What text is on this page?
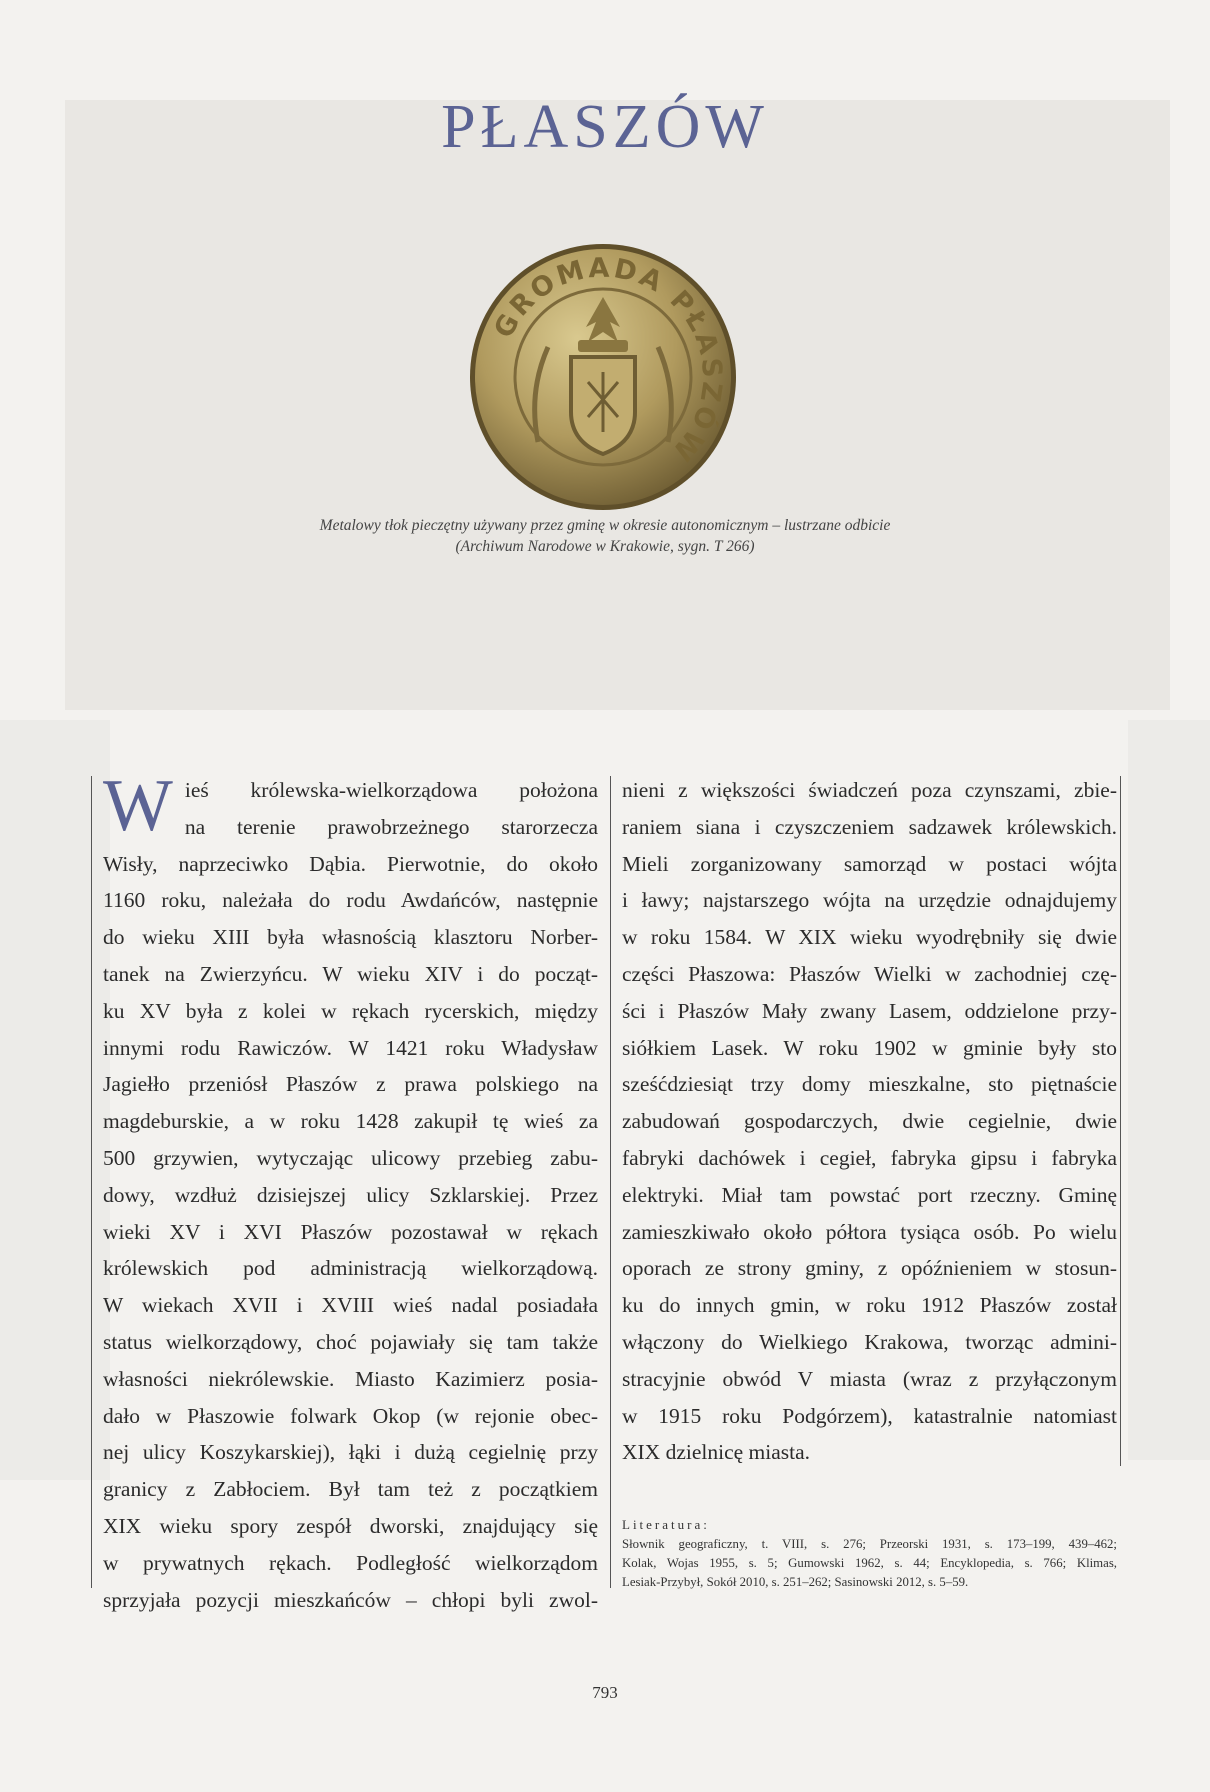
PŁASZÓW
GROMADA PŁASZÓW
Metalowy tłok pieczętny używany przez gminę w okresie autonomicznym – lustrzane odbicie
(Archiwum Narodowe w Krakowie, sygn. T 266)
W ieś królewska-wielkorządowa położona
na terenie prawobrzeżnego starorzecza
Wisły, naprzeciwko Dąbia. Pierwotnie, do około
1160 roku, należała do rodu Awdańców, następnie
do wieku XIII była własnością klasztoru Norber-
tanek na Zwierzyńcu. W wieku XIV i do począt-
ku XV była z kolei w rękach rycerskich, między
innymi rodu Rawiczów. W 1421 roku Władysław
Jagiełło przeniósł Płaszów z prawa polskiego na
magdeburskie, a w roku 1428 zakupił tę wieś za
500 grzywien, wytyczając ulicowy przebieg zabu-
dowy, wzdłuż dzisiejszej ulicy Szklarskiej. Przez
wieki XV i XVI Płaszów pozostawał w rękach
królewskich pod administracją wielkorządową.
W wiekach XVII i XVIII wieś nadal posiadała
status wielkorządowy, choć pojawiały się tam także
własności niekrólewskie. Miasto Kazimierz posia-
dało w Płaszowie folwark Okop (w rejonie obec-
nej ulicy Koszykarskiej), łąki i dużą cegielnię przy
granicy z Zabłociem. Był tam też z początkiem
XIX wieku spory zespół dworski, znajdujący się
w prywatnych rękach. Podległość wielkorządom
sprzyjała pozycji mieszkańców – chłopi byli zwol-
nieni z większości świadczeń poza czynszami, zbie-
raniem siana i czyszczeniem sadzawek królewskich.
Mieli zorganizowany samorząd w postaci wójta
i ławy; najstarszego wójta na urzędzie odnajdujemy
w roku 1584. W XIX wieku wyodrębniły się dwie
części Płaszowa: Płaszów Wielki w zachodniej czę-
ści i Płaszów Mały zwany Lasem, oddzielone przy-
siółkiem Lasek. W roku 1902 w gminie były sto
sześćdziesiąt trzy domy mieszkalne, sto piętnaście
zabudowań gospodarczych, dwie cegielnie, dwie
fabryki dachówek i cegieł, fabryka gipsu i fabryka
elektryki. Miał tam powstać port rzeczny. Gminę
zamieszkiwało około półtora tysiąca osób. Po wielu
oporach ze strony gminy, z opóźnieniem w stosun-
ku do innych gmin, w roku 1912 Płaszów został
włączony do Wielkiego Krakowa, tworząc admini-
stracyjnie obwód V miasta (wraz z przyłączonym
w 1915 roku Podgórzem), katastralnie natomiast
XIX dzielnicę miasta.
Literatura:
Słownik geograficzny, t. VIII, s. 276; Przeorski 1931, s. 173–199, 439–462;
Kolak, Wojas 1955, s. 5; Gumowski 1962, s. 44; Encyklopedia, s. 766; Klimas,
Lesiak-Przybył, Sokół 2010, s. 251–262; Sasinowski 2012, s. 5–59.
793
